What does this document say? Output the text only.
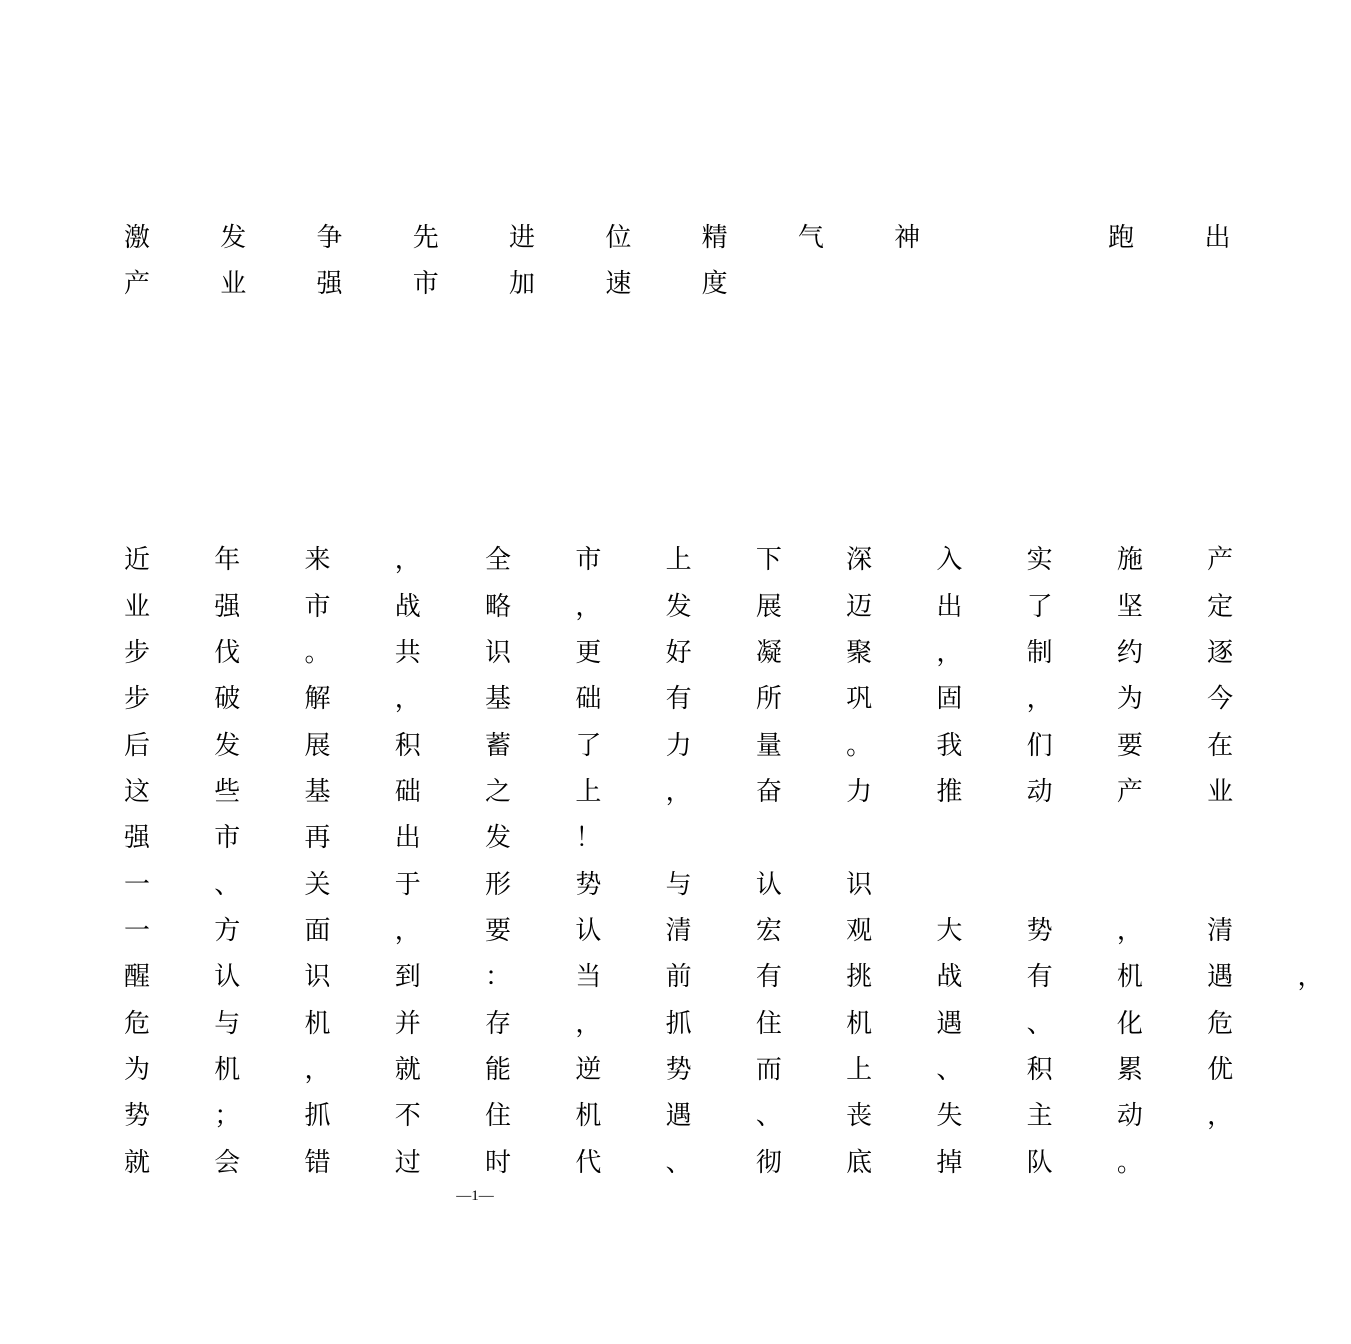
激 发 争 先 进 位 精 气 神    跑 出

产 业 强 市 加 速 度

近 年 来 ， 全 市 上 下 深 入 实 施 产

业 强 市 战 略 ， 发 展 迈 出 了 坚 定

步 伐 。 共 识 更 好 凝 聚 ， 制 约 逐

步 破 解 ， 基 础 有 所 巩 固 ， 为 今

后 发 展 积 蓄 了 力 量 。 我 们 要 在

这 些 基 础 之 上 ， 奋 力 推 动 产 业

强 市 再 出 发 ！

一 、 关 于 形 势 与 认 识

一 方 面 ， 要 认 清 宏 观 大 势 ， 清

醒 认 识 到 ： 当 前 有 挑 战 有 机 遇 ，

危 与 机 并 存 ， 抓 住 机 遇 、 化 危

为 机 ， 就 能 逆 势 而 上 、 积 累 优

势 ； 抓 不 住 机 遇 、 丧 失 主 动 ，

就 会 错 过 时 代 、 彻 底 掉 队 。

—1—
